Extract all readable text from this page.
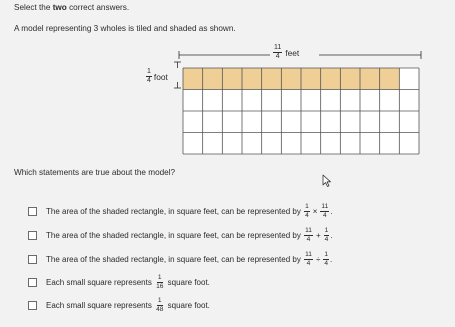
Select the two correct answers.
A model representing 3 wholes is tiled and shaded as shown.
$\frac{11}{4}$ feet
$\frac{1}{4}$ foot
Which statements are true about the model?
The area of the shaded rectangle, in square feet, can be represented by
$\frac{1}{4} \times \frac{11}{4}$ .
The area of the shaded rectangle, in square feet, can be represented by
$\frac{11}{4} + \frac{1}{4}$ .
The area of the shaded rectangle, in square feet, can be represented by
$\frac{11}{4} \div \frac{1}{4}$ .
Each small square represents
$\frac{1}{16}$
square foot.
Each small square represents
$\frac{1}{48}$
square foot.
